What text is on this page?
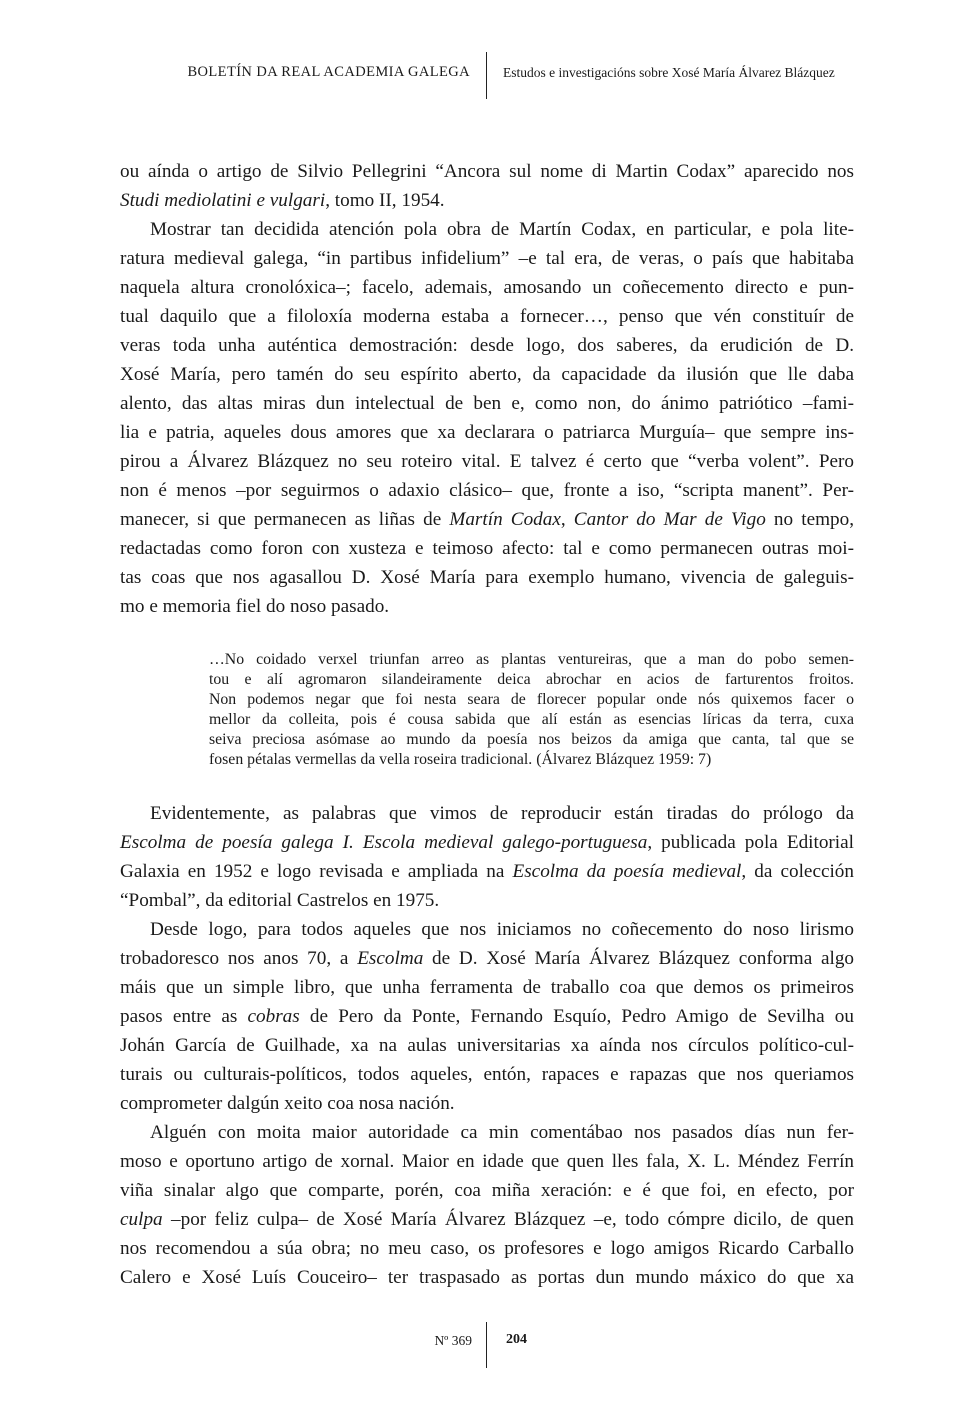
BOLETÍN DA REAL ACADEMIA GALEGA Estudos e investigacións sobre Xosé María Álvarez Blázquez
ou aínda o artigo de Silvio Pellegrini “Ancora sul nome di Martin Codax” aparecido nos
Studi mediolatini e vulgari, tomo II, 1954.
Mostrar tan decidida atención pola obra de Martín Codax, en particular, e pola lite-
ratura medieval galega, “in partibus infidelium” –e tal era, de veras, o país que habitaba
naquela altura cronolóxica–; facelo, ademais, amosando un coñecemento directo e pun-
tual daquilo que a filoloxía moderna estaba a fornecer…, penso que vén constituír de
veras toda unha auténtica demostración: desde logo, dos saberes, da erudición de D.
Xosé María, pero tamén do seu espírito aberto, da capacidade da ilusión que lle daba
alento, das altas miras dun intelectual de ben e, como non, do ánimo patriótico –fami-
lia e patria, aqueles dous amores que xa declarara o patriarca Murguía– que sempre ins-
pirou a Álvarez Blázquez no seu roteiro vital. E talvez é certo que “verba volent”. Pero
non é menos –por seguirmos o adaxio clásico– que, fronte a iso, “scripta manent”. Per-
manecer, si que permanecen as liñas de Martín Codax, Cantor do Mar de Vigo no tempo,
redactadas como foron con xusteza e teimoso afecto: tal e como permanecen outras moi-
tas coas que nos agasallou D. Xosé María para exemplo humano, vivencia de galeguis-
mo e memoria fiel do noso pasado.
…No coidado verxel triunfan arreo as plantas ventureiras, que a man do pobo semen-
tou e alí agromaron silandeiramente deica abrochar en acios de farturentos froitos.
Non podemos negar que foi nesta seara de florecer popular onde nós quixemos facer o
mellor da colleita, pois é cousa sabida que alí están as esencias líricas da terra, cuxa
seiva preciosa asómase ao mundo da poesía nos beizos da amiga que canta, tal que se
fosen pétalas vermellas da vella roseira tradicional. (Álvarez Blázquez 1959: 7)
Evidentemente, as palabras que vimos de reproducir están tiradas do prólogo da
Escolma de poesía galega I. Escola medieval galego-portuguesa, publicada pola Editorial
Galaxia en 1952 e logo revisada e ampliada na Escolma da poesía medieval, da colección
“Pombal”, da editorial Castrelos en 1975.
Desde logo, para todos aqueles que nos iniciamos no coñecemento do noso lirismo
trobadoresco nos anos 70, a Escolma de D. Xosé María Álvarez Blázquez conforma algo
máis que un simple libro, que unha ferramenta de traballo coa que demos os primeiros
pasos entre as cobras de Pero da Ponte, Fernando Esquío, Pedro Amigo de Sevilha ou
Johán García de Guilhade, xa na aulas universitarias xa aínda nos círculos político-cul-
turais ou culturais-políticos, todos aqueles, entón, rapaces e rapazas que nos queriamos
comprometer dalgún xeito coa nosa nación.
Alguén con moita maior autoridade ca min comentábao nos pasados días nun fer-
moso e oportuno artigo de xornal. Maior en idade que quen lles fala, X. L. Méndez Ferrín
viña sinalar algo que comparte, porén, coa miña xeración: e é que foi, en efecto, por
culpa –por feliz culpa– de Xosé María Álvarez Blázquez –e, todo cómpre dicilo, de quen
nos recomendou a súa obra; no meu caso, os profesores e logo amigos Ricardo Carballo
Calero e Xosé Luís Couceiro– ter traspasado as portas dun mundo máxico do que xa
Nº 369 204
